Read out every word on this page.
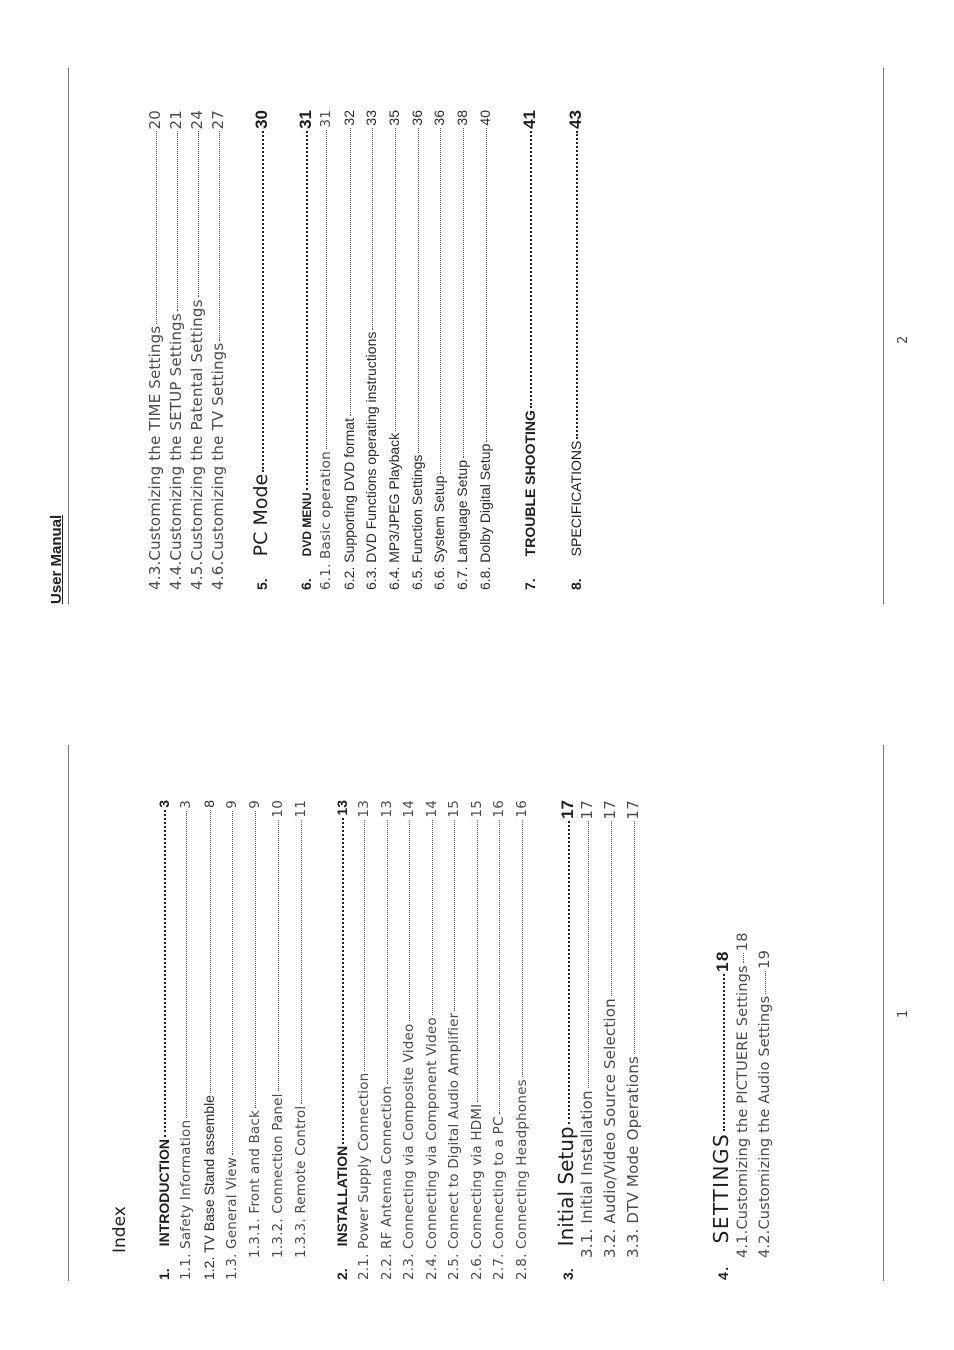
User Manual
1
2
Index
1.INTRODUCTION
3
1.1. Safety Information
3
1.2. TV Base Stand assemble
8
1.3. General View
9
1.3.1. Front and Back
9
1.3.2. Connection Panel
10
1.3.3. Remote Control
11
2.INSTALLATION
13
2.1. Power Supply Connection
13
2.2. RF Antenna Connection
13
2.3. Connecting via Composite Video
14
2.4. Connecting via Component Video
14
2.5. Connect to Digital Audio Amplifier
15
2.6. Connecting via HDMI
15
2.7. Connecting to a PC
16
2.8. Connecting Headphones
16
3.Initial Setup
17
3.1. Initial Installation
17
3.2. Audio/Video Source Selection
17
3.3. DTV Mode Operations
17
4.SETTINGS
18
4.1.Customizing the PICTUERE Settings
18
4.2.Customizing the Audio Settings
19
4.3.Customizing the TIME Settings
20
4.4.Customizing the SETUP Settings
21
4.5.Customizing the Patental Settings
24
4.6.Customizing the TV Settings
27
5.PC Mode
30
6.DVD MENU
31
6.1. Basic operation
31
6.2. Supporting DVD format
32
6.3. DVD Functions operating instructions
33
6.4. MP3/JPEG Playback
35
6.5. Function Settings
36
6.6. System Setup
36
6.7. Language Setup
38
6.8. Dolby Digital Setup
40
7.TROUBLE SHOOTING
41
8.SPECIFICATIONS
43
